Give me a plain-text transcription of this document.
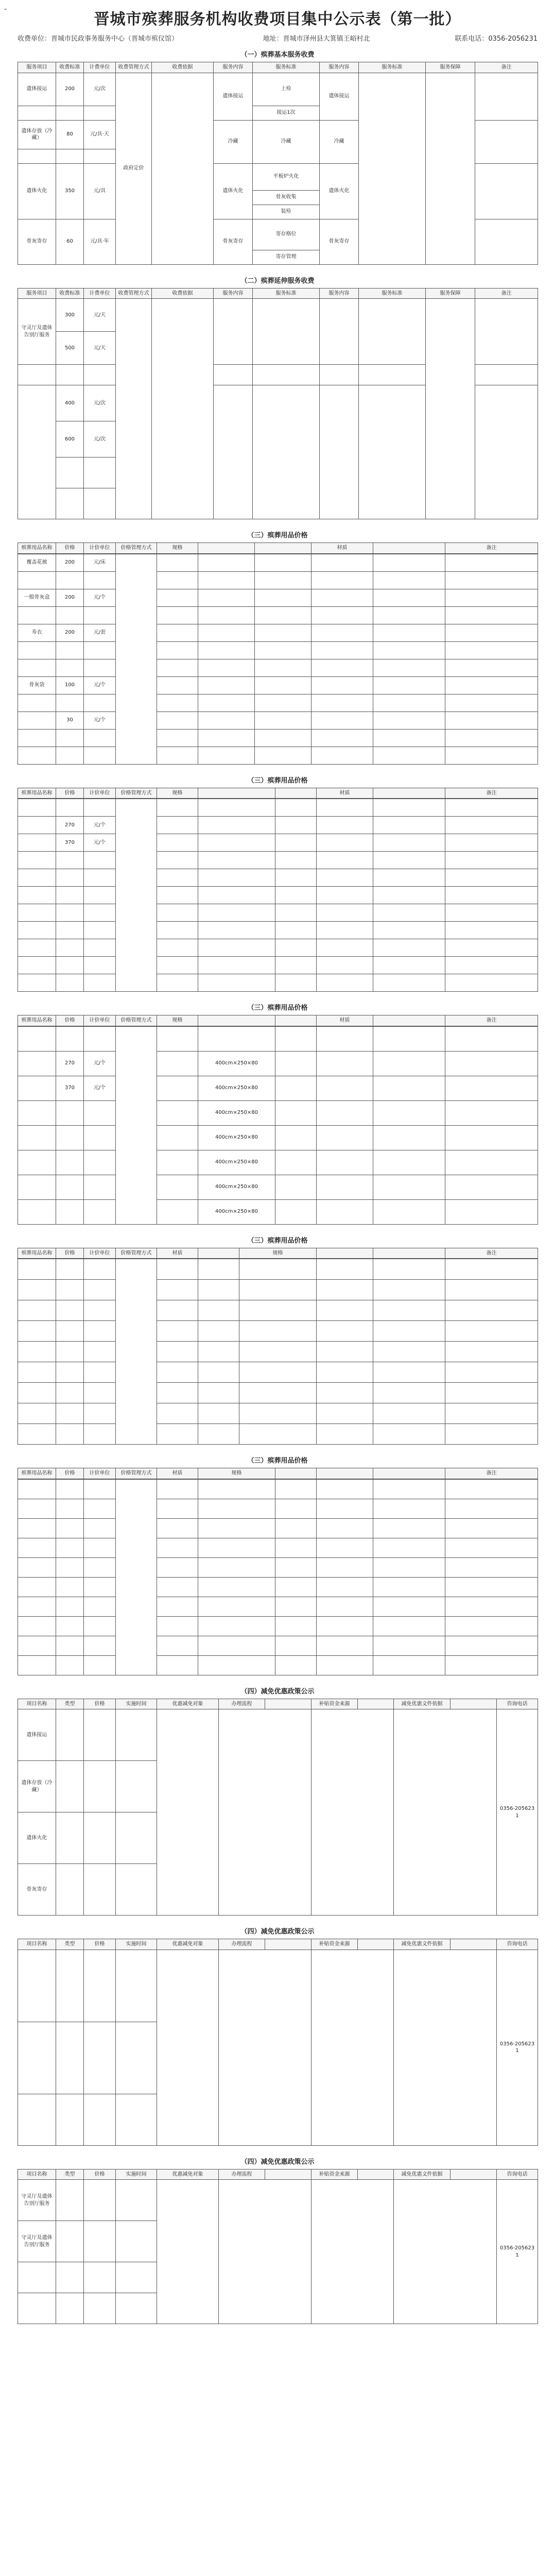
-
晋城市殡葬服务机构收费项目集中公示表（第一批）
收费单位：晋城市民政事务服务中心（晋城市殡仪馆）	地址：晋城市泽州县大箕镇王峪村北	联系电话：0356-2056231
（一）殡葬基本服务收费
服务项目	收费标准	计费单位	收费管理方式	收费依据	服务内容	服务标准	服务内容	服务标准	服务保障	备注
遗体接运	200	元/次	政府定价		遗体接运	上殓	遗体接运			
						接运1次				
遗体存放（冷藏）	80	元/具·天			冷藏	冷藏	冷藏			

遗体火化	350	元/具			遗体火化	平板炉火化	遗体火化			
						骨灰收集				
						装殓				
骨灰寄存	60	元/具·年			骨灰寄存	寄存格位	骨灰寄存			
						寄存管理				
（二）殡葬延伸服务收费
服务项目	收费标准	计费单位	收费管理方式	收费依据	服务内容	服务标准	服务内容	服务标准	服务保障	备注
守灵厅及遗体告别厅服务	300	元/天								
	500	元/天								

	400	元/次								
	600	元/次								

（三）殡葬用品价格
殡葬用品名称	价格	计价单位	价格管理方式	规格			材质		备注
覆盖花被	200	元/床							

一般骨灰盒	200	元/个							

寿衣	200	元/套							

骨灰袋	100	元/个							

	30	元/个							

（三）殡葬用品价格
殡葬用品名称	价格	计价单位	价格管理方式	规格			材质		备注

	270	元/个							
	370	元/个							

（三）殡葬用品价格
殡葬用品名称	价格	计价单位	价格管理方式	规格			材质		备注

	270	元/个			400cm×250×80				
	370	元/个			400cm×250×80				
					400cm×250×80				
					400cm×250×80				
					400cm×250×80				
					400cm×250×80				
					400cm×250×80				
（三）殡葬用品价格
殡葬用品名称	价格	计价单位	价格管理方式	材质		规格			备注

（三）殡葬用品价格
殡葬用品名称	价格	计价单位	价格管理方式	材质	规格				备注

（四）减免优惠政策公示
项目名称	类型	价格	实施时间	优惠减免对象	办理流程		补贴资金来源		减免优惠文件依据		咨询电话
遗体接运											0356-2056231
遗体存放（冷藏）											
遗体火化											
骨灰寄存											
（四）减免优惠政策公示
项目名称	类型	价格	实施时间	优惠减免对象	办理流程		补贴资金来源		减免优惠文件依据		咨询电话
											0356-2056231

（四）减免优惠政策公示
项目名称	类型	价格	实施时间	优惠减免对象	办理流程		补贴资金来源		减免优惠文件依据		咨询电话
守灵厅及遗体告别厅服务											0356-2056231
守灵厅及遗体告别厅服务											
